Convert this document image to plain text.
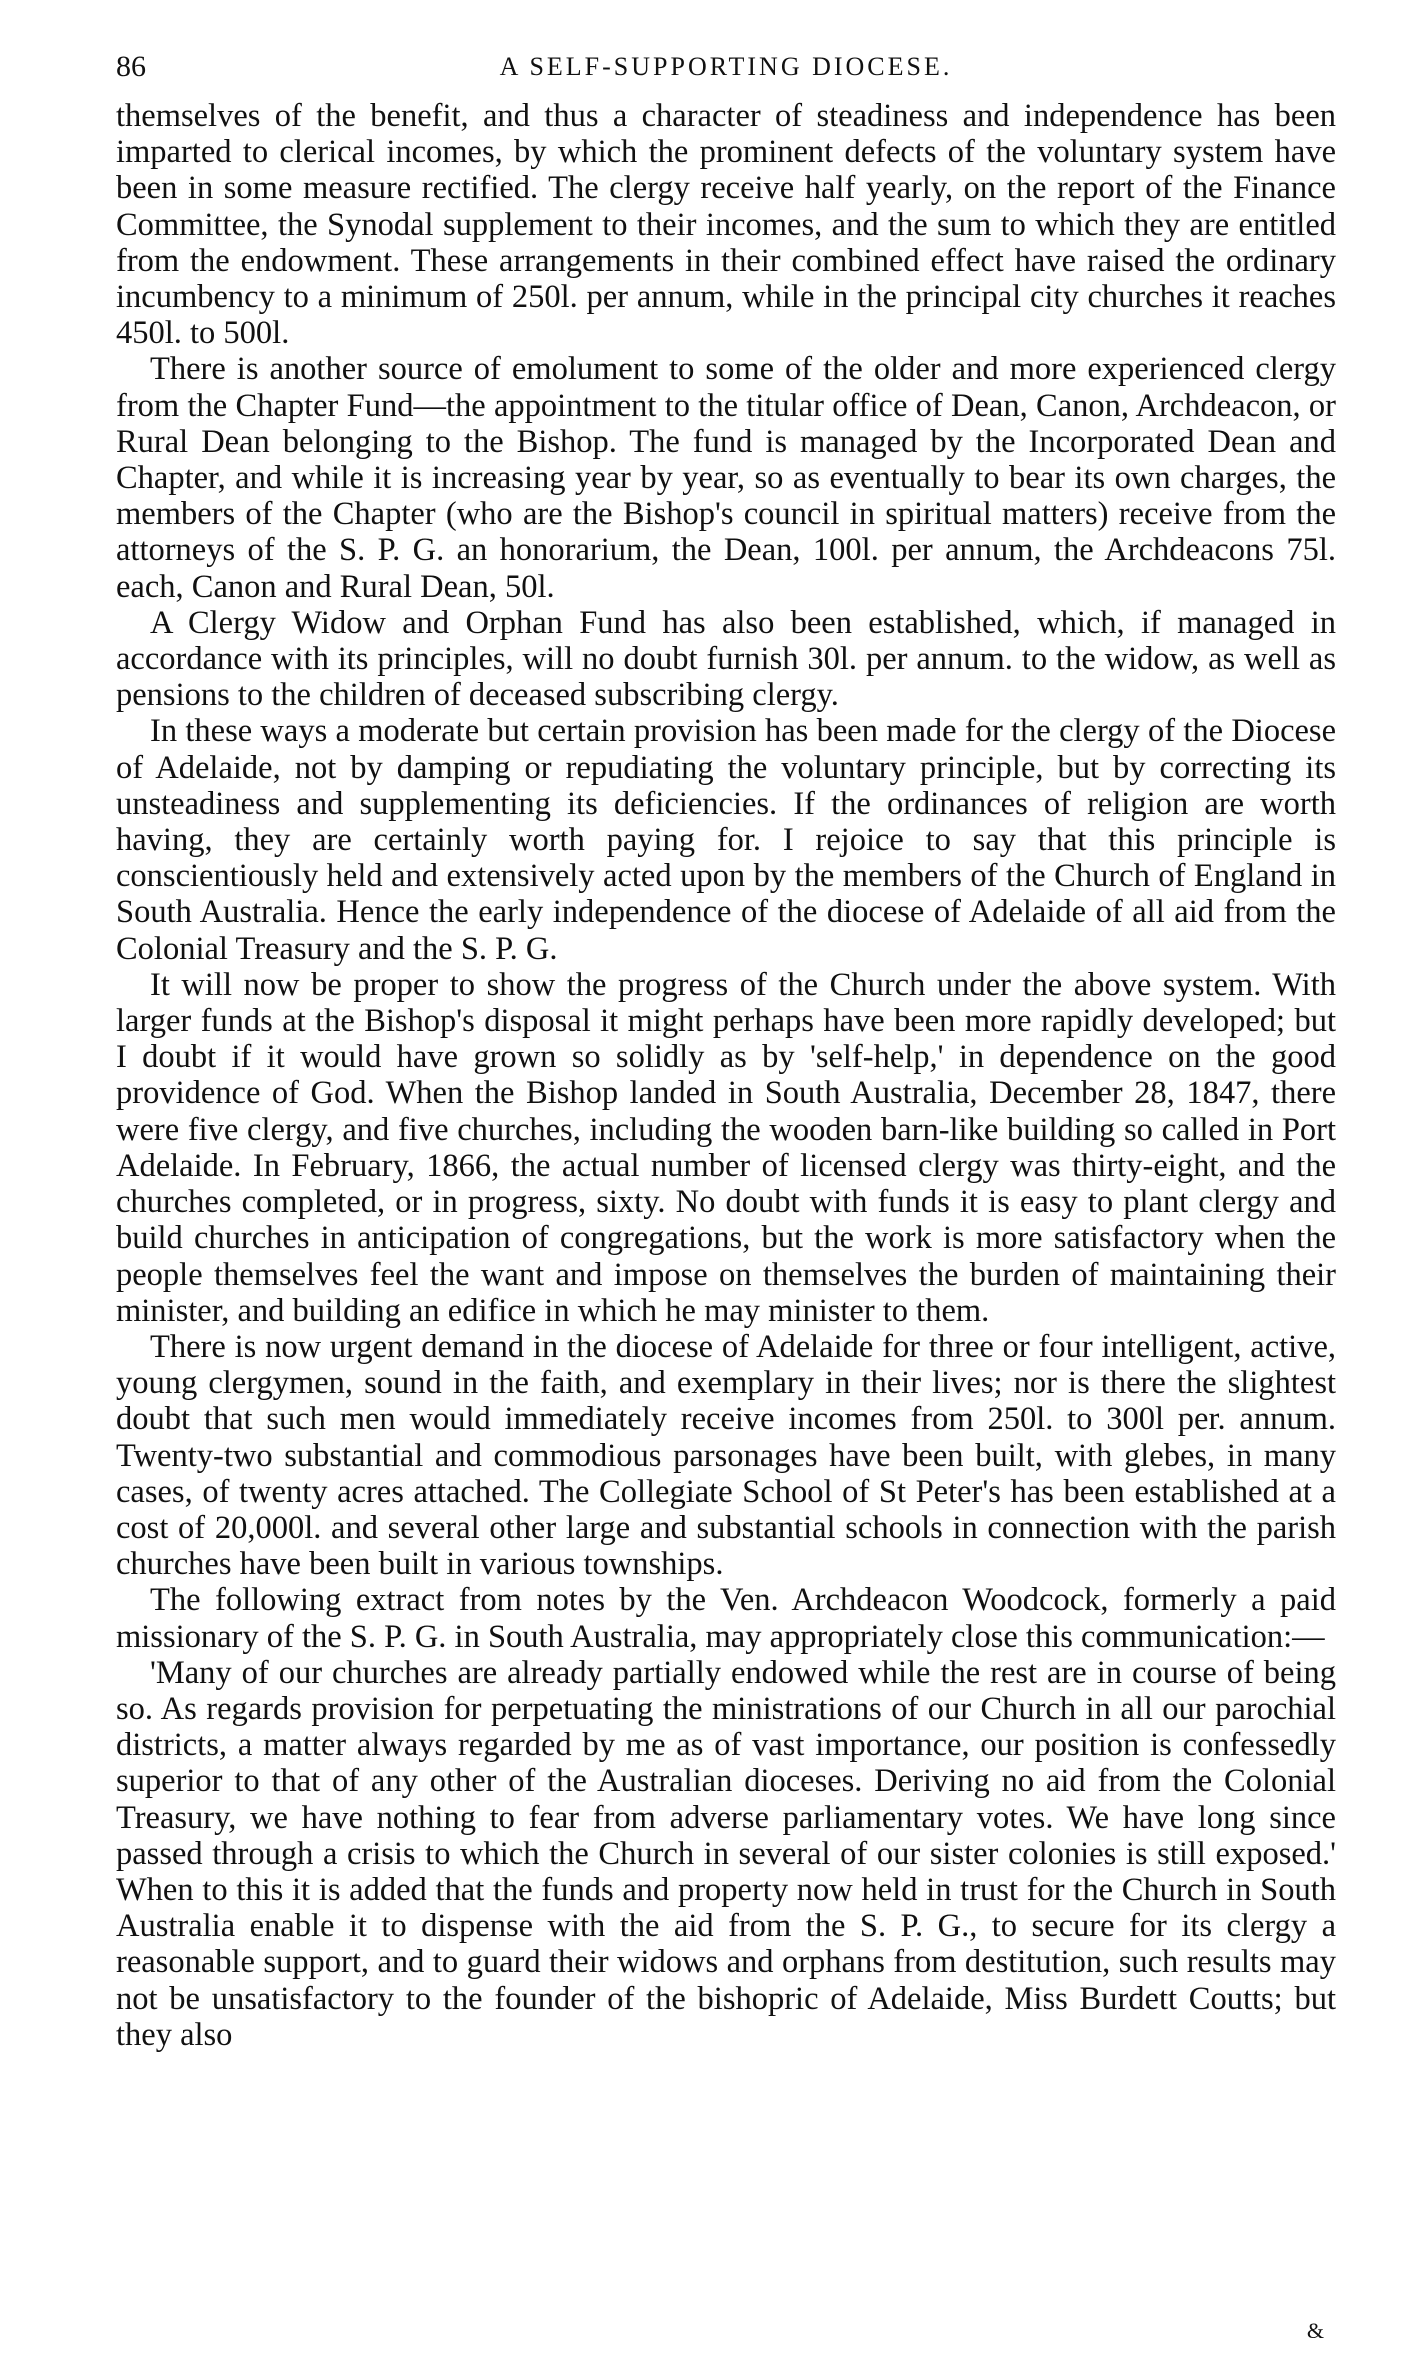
86	A SELF-SUPPORTING DIOCESE.

themselves of the benefit, and thus a character of steadiness and independence has been imparted to clerical incomes, by which the prominent defects of the voluntary system have been in some measure rectified. The clergy receive half yearly, on the report of the Finance Committee, the Synodal supplement to their incomes, and the sum to which they are entitled from the endowment. These arrangements in their combined effect have raised the ordinary incumbency to a minimum of 250l. per annum, while in the principal city churches it reaches 450l. to 500l.

There is another source of emolument to some of the older and more experienced clergy from the Chapter Fund—the appointment to the titular office of Dean, Canon, Archdeacon, or Rural Dean belonging to the Bishop. The fund is managed by the Incorporated Dean and Chapter, and while it is increasing year by year, so as eventually to bear its own charges, the members of the Chapter (who are the Bishop's council in spiritual matters) receive from the attorneys of the S. P. G. an honorarium, the Dean, 100l. per annum, the Archdeacons 75l. each, Canon and Rural Dean, 50l.

A Clergy Widow and Orphan Fund has also been established, which, if managed in accordance with its principles, will no doubt furnish 30l. per annum. to the widow, as well as pensions to the children of deceased subscribing clergy.

In these ways a moderate but certain provision has been made for the clergy of the Diocese of Adelaide, not by damping or repudiating the voluntary principle, but by correcting its unsteadiness and supplementing its deficiencies. If the ordinances of religion are worth having, they are certainly worth paying for. I rejoice to say that this principle is conscientiously held and extensively acted upon by the members of the Church of England in South Australia. Hence the early independence of the diocese of Adelaide of all aid from the Colonial Treasury and the S. P. G.

It will now be proper to show the progress of the Church under the above system. With larger funds at the Bishop's disposal it might perhaps have been more rapidly developed; but I doubt if it would have grown so solidly as by 'self-help,' in dependence on the good providence of God. When the Bishop landed in South Australia, December 28, 1847, there were five clergy, and five churches, including the wooden barn-like building so called in Port Adelaide. In February, 1866, the actual number of licensed clergy was thirty-eight, and the churches completed, or in progress, sixty. No doubt with funds it is easy to plant clergy and build churches in anticipation of congregations, but the work is more satisfactory when the people themselves feel the want and impose on themselves the burden of maintaining their minister, and building an edifice in which he may minister to them.

There is now urgent demand in the diocese of Adelaide for three or four intelligent, active, young clergymen, sound in the faith, and exemplary in their lives; nor is there the slightest doubt that such men would immediately receive incomes from 250l. to 300l per. annum. Twenty-two substantial and commodious parsonages have been built, with glebes, in many cases, of twenty acres attached. The Collegiate School of St Peter's has been established at a cost of 20,000l. and several other large and substantial schools in connection with the parish churches have been built in various townships.

The following extract from notes by the Ven. Archdeacon Woodcock, formerly a paid missionary of the S. P. G. in South Australia, may appropriately close this communication:—

'Many of our churches are already partially endowed while the rest are in course of being so. As regards provision for perpetuating the ministrations of our Church in all our parochial districts, a matter always regarded by me as of vast importance, our position is confessedly superior to that of any other of the Australian dioceses. Deriving no aid from the Colonial Treasury, we have nothing to fear from adverse parliamentary votes. We have long since passed through a crisis to which the Church in several of our sister colonies is still exposed.' When to this it is added that the funds and property now held in trust for the Church in South Australia enable it to dispense with the aid from the S. P. G., to secure for its clergy a reasonable support, and to guard their widows and orphans from destitution, such results may not be unsatisfactory to the founder of the bishopric of Adelaide, Miss Burdett Coutts; but they also

&
